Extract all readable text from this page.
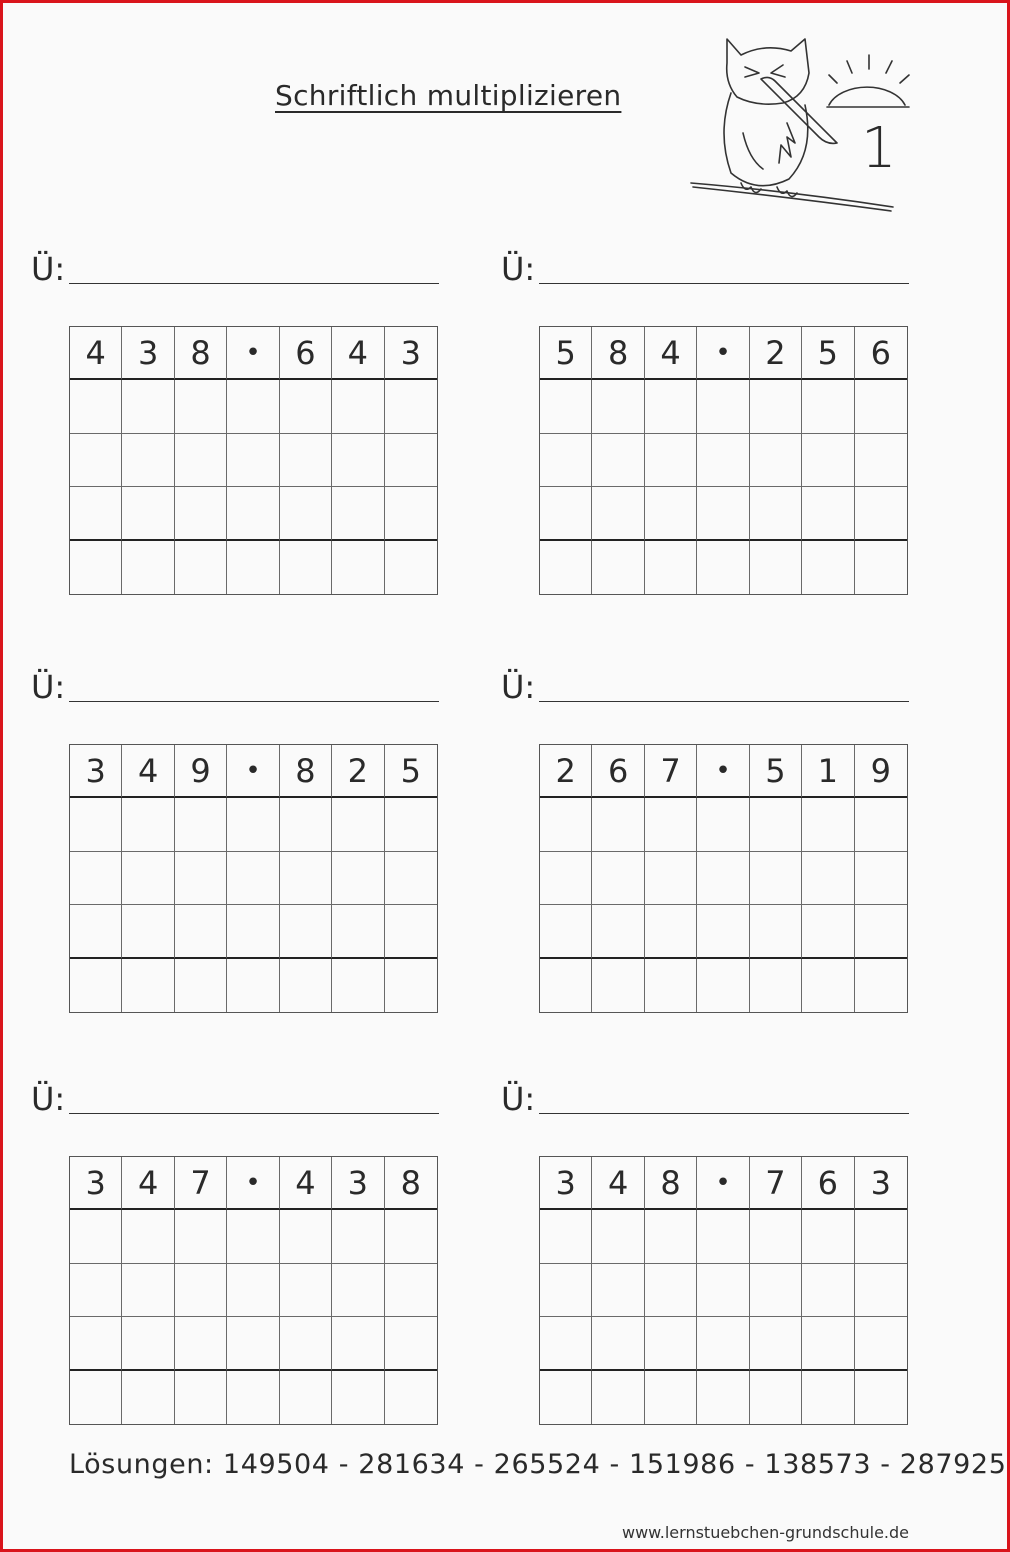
Schriftlich multiplizieren
1
Ü:
4	3	8	•	6	4	3
Ü:
5	8	4	•	2	5	6
Ü:
3	4	9	•	8	2	5
Ü:
2	6	7	•	5	1	9
Ü:
3	4	7	•	4	3	8
Ü:
3	4	8	•	7	6	3
Lösungen: 149504 - 281634 - 265524 - 151986 - 138573 - 287925
www.lernstuebchen-grundschule.de
